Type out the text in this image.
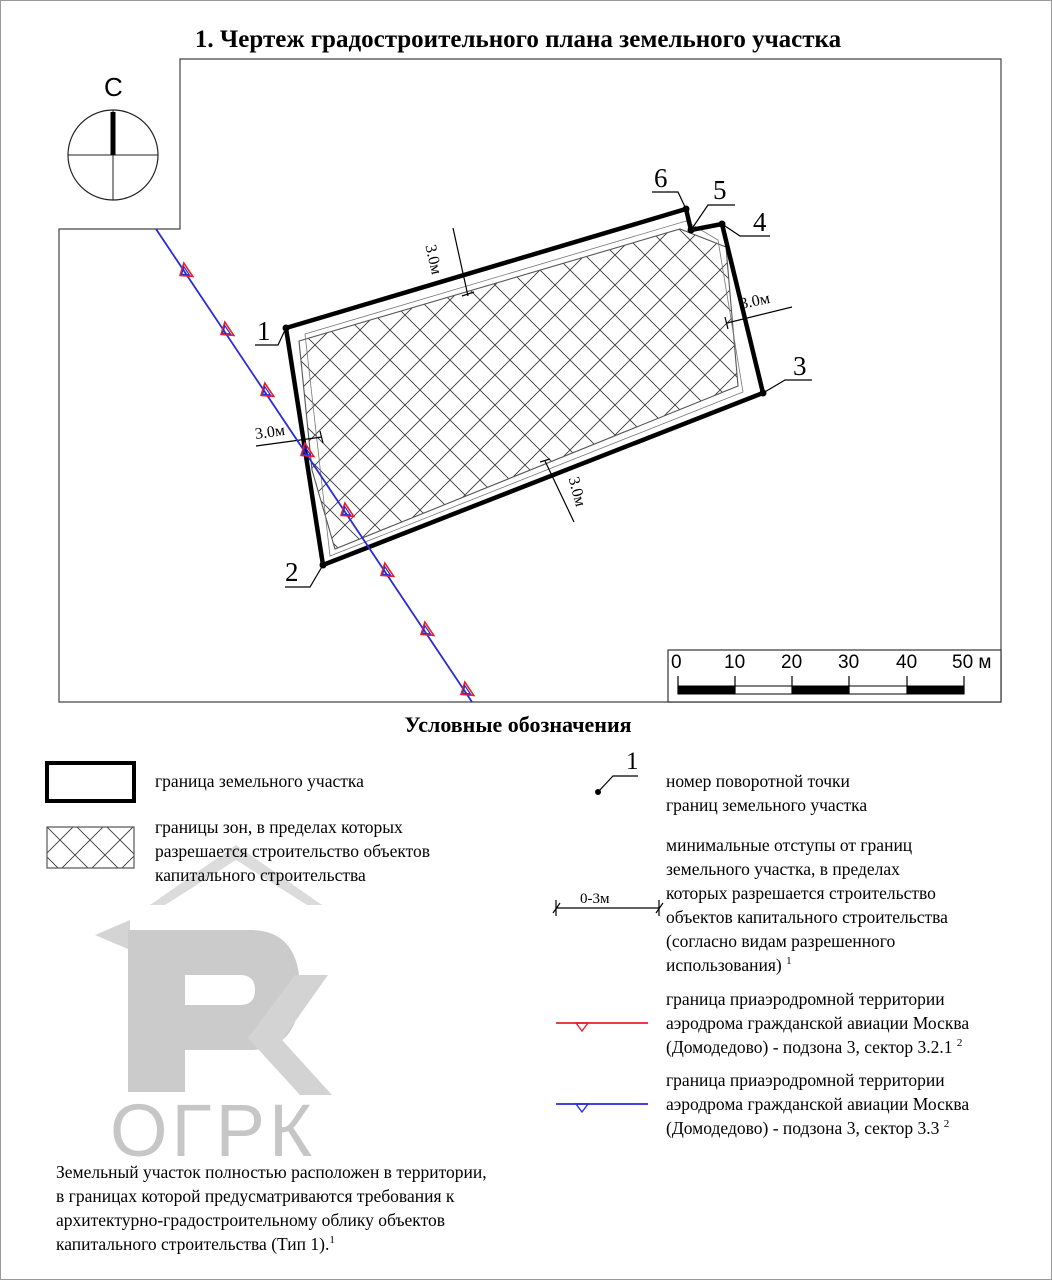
1. Чертеж градостроительного плана земельного участка
С
1
2
3
4
5
6
3.0м
3.0м
3.0м
3.0м
0 10 20 30 40 50 м
ОГРК
Условные обозначения
граница земельного участка
границы зон, в пределах которых
разрешается строительство объектов
капитального строительства
1
номер поворотной точки
границ земельного участка
0-3м
минимальные отступы от границ
земельного участка, в пределах
которых разрешается строительство
объектов капитального строительства
(согласно видам разрешенного
использования) $^1$
границa приаэродромной территории
аэродрома гражданской авиации Москва
(Домодедово) - подзона 3, сектор 3.2.1 $^2$
границa приаэродромной территории
аэродрома гражданской авиации Москва
(Домодедово) - подзона 3, сектор 3.3 $^2$
Земельный участок полностью расположен в территории,
в границах которой предусматриваются требования к
архитектурно-градостроительному облику объектов
капитального строительства (Тип 1).$^1$
